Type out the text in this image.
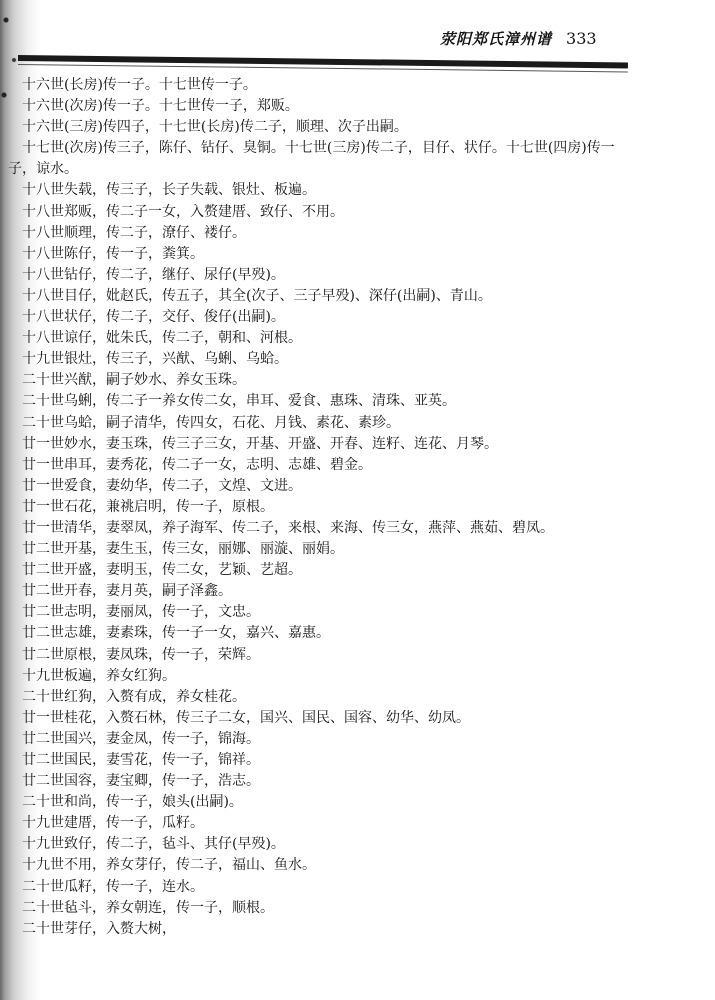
荥阳郑氏漳州谱 333
十六世(长房)传一子。十七世传一子。
十六世(次房)传一子。十七世传一子，郑贩。
十六世(三房)传四子，十七世(长房)传二子，顺理、次子出嗣。
十七世(次房)传三子，陈仔、钻仔、臭铜。十七世(三房)传二子，目仔、状仔。十七世(四房)传一
子，谅水。
十八世失载，传三子，长子失载、银灶、板遍。
十八世郑贩，传二子一女，入赘建厝、致仔、不用。
十八世顺理，传二子，潦仔、褛仔。
十八世陈仔，传一子，粪箕。
十八世钻仔，传二子，继仔、尿仔(早殁)。
十八世目仔，妣赵氏，传五子，其全(次子、三子早殁)、深仔(出嗣)、青山。
十八世状仔，传二子，交仔、俊仔(出嗣)。
十八世谅仔，妣朱氏，传二子，朝和、河根。
十九世银灶，传三子，兴猷、乌蜊、乌蛤。
二十世兴猷，嗣子妙水、养女玉珠。
二十世乌蜊，传二子一养女传二女，串耳、爱食、惠珠、清珠、亚英。
二十世乌蛤，嗣子清华，传四女，石花、月钱、素花、素珍。
廿一世妙水，妻玉珠，传三子三女，开基、开盛、开春、连籽、连花、月琴。
廿一世串耳，妻秀花，传二子一女，志明、志雄、碧金。
廿一世爱食，妻幼华，传二子，文煌、文进。
廿一世石花，兼祧启明，传一子，原根。
廿一世清华，妻翠凤，养子海军、传二子，来根、来海、传三女，燕萍、燕茹、碧凤。
廿二世开基，妻生玉，传三女，丽娜、丽漩、丽娟。
廿二世开盛，妻明玉，传二女，艺颖、艺超。
廿二世开春，妻月英，嗣子泽鑫。
廿二世志明，妻丽凤，传一子，文忠。
廿二世志雄，妻素珠，传一子一女，嘉兴、嘉惠。
廿二世原根，妻凤珠，传一子，荣辉。
十九世板遍，养女红狗。
二十世红狗，入赘有成，养女桂花。
廿一世桂花，入赘石林，传三子二女，国兴、国民、国容、幼华、幼凤。
廿二世国兴，妻金凤，传一子，锦海。
廿二世国民，妻雪花，传一子，锦祥。
廿二世国容，妻宝卿，传一子，浩志。
二十世和尚，传一子，娘头(出嗣)。
十九世建厝，传一子，瓜籽。
十九世致仔，传二子，毡斗、其仔(早殁)。
十九世不用，养女芽仔，传二子，福山、鱼水。
二十世瓜籽，传一子，连水。
二十世毡斗，养女朝连，传一子，顺根。
二十世芽仔，入赘大树，
